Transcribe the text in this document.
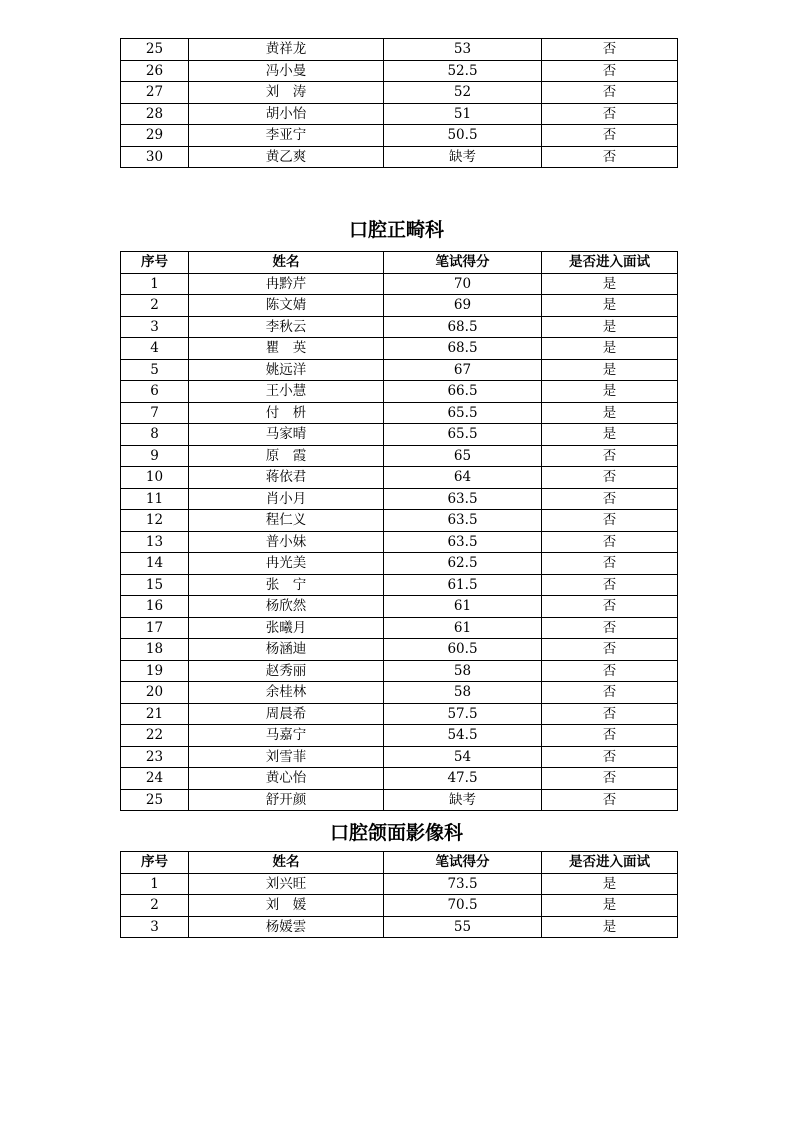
25	黄祥龙	53	否
26	冯小曼	52.5	否
27	刘　涛	52	否
28	胡小怡	51	否
29	李亚宁	50.5	否
30	黄乙爽	缺考	否
口腔正畸科
序号	姓名	笔试得分	是否进入面试
1	冉黔芹	70	是
2	陈文婧	69	是
3	李秋云	68.5	是
4	瞿　英	68.5	是
5	姚远洋	67	是
6	王小慧	66.5	是
7	付　枡	65.5	是
8	马家晴	65.5	是
9	原　霞	65	否
10	蒋依君	64	否
11	肖小月	63.5	否
12	程仁义	63.5	否
13	普小妹	63.5	否
14	冉光美	62.5	否
15	张　宁	61.5	否
16	杨欣然	61	否
17	张曦月	61	否
18	杨涵迪	60.5	否
19	赵秀丽	58	否
20	余桂林	58	否
21	周晨希	57.5	否
22	马嘉宁	54.5	否
23	刘雪菲	54	否
24	黄心怡	47.5	否
25	舒开颜	缺考	否
口腔颌面影像科
序号	姓名	笔试得分	是否进入面试
1	刘兴旺	73.5	是
2	刘　媛	70.5	是
3	杨媛雲	55	是
